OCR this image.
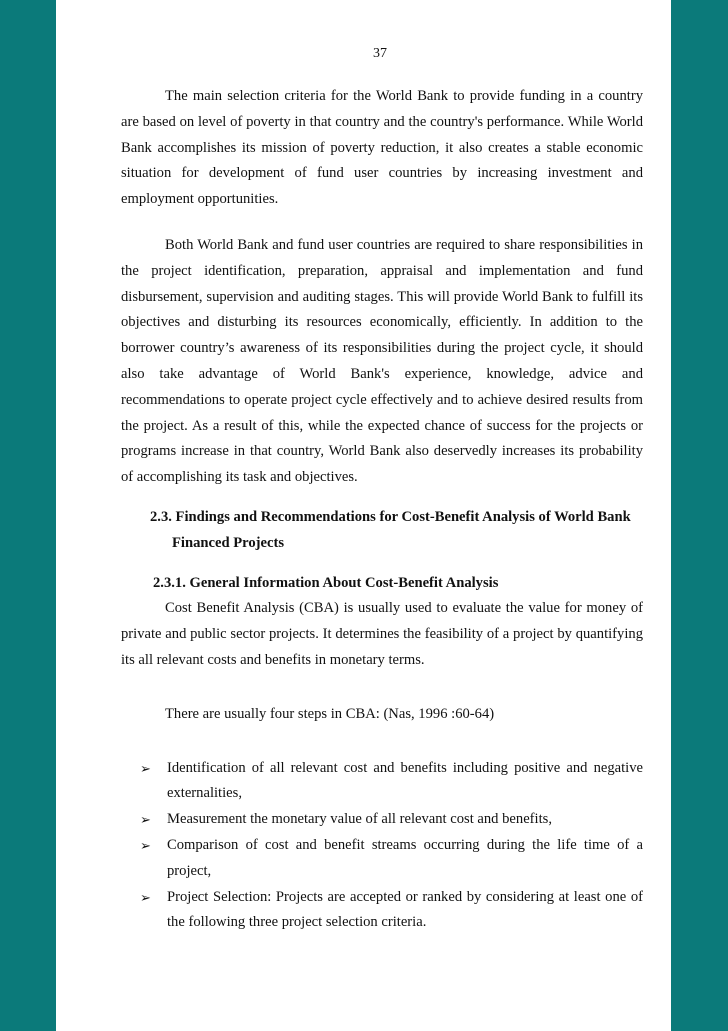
37

The main selection criteria for the World Bank to provide funding in a country are based on level of poverty in that country and the country's performance. While World Bank accomplishes its mission of poverty reduction, it also creates a stable economic situation for development of fund user countries by increasing investment and employment opportunities.

Both World Bank and fund user countries are required to share responsibilities in the project identification, preparation, appraisal and implementation and fund disbursement, supervision and auditing stages. This will provide World Bank to fulfill its objectives and disturbing its resources economically, efficiently. In addition to the borrower country’s awareness of its responsibilities during the project cycle, it should also take advantage of World Bank's experience, knowledge, advice and recommendations to operate project cycle effectively and to achieve desired results from the project. As a result of this, while the expected chance of success for the projects or programs increase in that country, World Bank also deservedly increases its probability of accomplishing its task and objectives.

2.3. Findings and Recommendations for Cost-Benefit Analysis of World Bank
Financed Projects

2.3.1. General Information About Cost-Benefit Analysis

Cost Benefit Analysis (CBA) is usually used to evaluate the value for money of private and public sector projects. It determines the feasibility of a project by quantifying its all relevant costs and benefits in monetary terms.

There are usually four steps in CBA: (Nas, 1996 :60-64)

➢ Identification of all relevant cost and benefits including positive and negative externalities,
➢ Measurement the monetary value of all relevant cost and benefits,
➢ Comparison of cost and benefit streams occurring during the life time of a project,
➢ Project Selection: Projects are accepted or ranked by considering at least one of the following three project selection criteria.
